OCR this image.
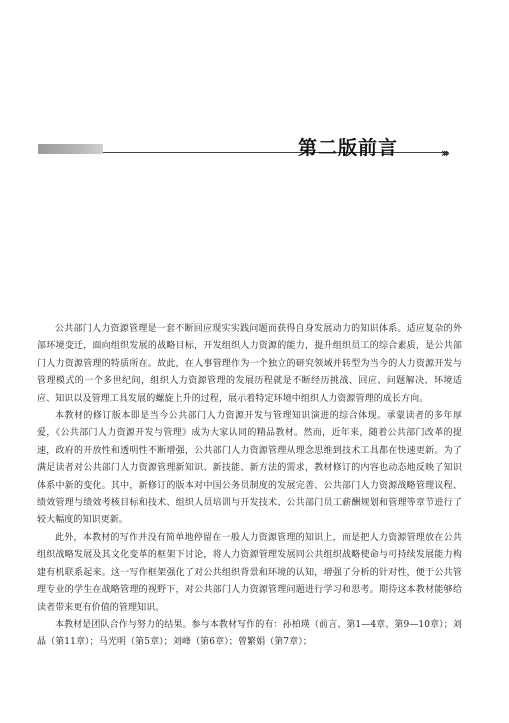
第二版前言	›››

公共部门人力资源管理是一套不断回应现实实践问题而获得自身发展动力的知识体系。适应复杂的外部环境变迁，面向组织发展的战略目标，开发组织人力资源的能力，提升组织员工的综合素质，是公共部门人力资源管理的特质所在。故此，在人事管理作为一个独立的研究领域并转型为当今的人力资源开发与管理模式的一个多世纪间，组织人力资源管理的发展历程就是不断经历挑战、回应、问题解决、环境适应、知识以及管理工具发展的螺旋上升的过程，展示着特定环境中组织人力资源管理的成长方向。

本教材的修订版本即是当今公共部门人力资源开发与管理知识演进的综合体现。承蒙读者的多年厚爱，《公共部门人力资源开发与管理》成为大家认同的精品教材。然而，近年来，随着公共部门改革的提速，政府的开放性和透明性不断增强，公共部门人力资源管理从理念思维到技术工具都在快速更新。为了满足读者对公共部门人力资源管理新知识、新技能、新方法的需求，教材修订的内容也动态地反映了知识体系中新的变化。其中，新修订的版本对中国公务员制度的发展完善、公共部门人力资源战略管理议程、绩效管理与绩效考核目标和技术、组织人员培训与开发技术、公共部门员工薪酬规划和管理等章节进行了较大幅度的知识更新。

此外，本教材的写作并没有简单地停留在一般人力资源管理的知识上，而是把人力资源管理放在公共组织战略发展及其文化变革的框架下讨论，将人力资源管理发展同公共组织战略使命与可持续发展能力构建有机联系起来。这一写作框架强化了对公共组织背景和环境的认知，增强了分析的针对性，便于公共管理专业的学生在战略管理的视野下，对公共部门人力资源管理问题进行学习和思考。期待这本教材能够给读者带来更有价值的管理知识。

本教材是团队合作与努力的结果。参与本教材写作的有：孙柏瑛（前言、第1—4章、第9—10章）；刘晶（第11章）；马光明（第5章）；刘峰（第6章）；曾繁娟（第7章）；
